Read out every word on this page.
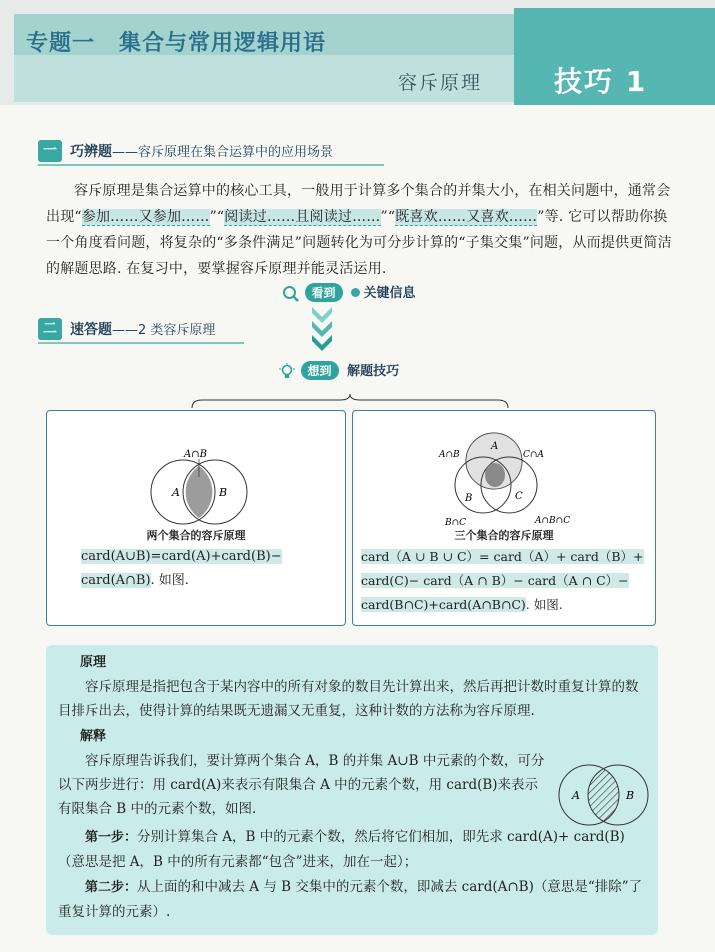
专题一 集合与常用逻辑用语
容斥原理	技巧 1
一 巧辨题——容斥原理在集合运算中的应用场景
容斥原理是集合运算中的核心工具，一般用于计算多个集合的并集大小，在相关问题中，通常会出现“参加……又参加……”“阅读过……且阅读过……”“既喜欢……又喜欢……”等. 它可以帮助你换一个角度看问题，将复杂的“多条件满足”问题转化为可分步计算的“子集交集”问题，从而提供更简洁的解题思路. 在复习中，要掌握容斥原理并能灵活运用.
看到 关键信息
二 速答题——2 类容斥原理
想到 解题技巧
A∩B
A	B
两个集合的容斥原理
card(A∪B)=card(A)+card(B)−
card(A∩B). 如图.
A
A∩B	C∩A
B	C
B∩C	A∩B∩C
三个集合的容斥原理
card（A ∪ B ∪ C）= card（A）+ card（B）+
card(C)− card（A ∩ B）− card（A ∩ C）−
card(B∩C)+card(A∩B∩C). 如图.
原理
容斥原理是指把包含于某内容中的所有对象的数目先计算出来，然后再把计数时重复计算的数目排斥出去，使得计算的结果既无遗漏又无重复，这种计数的方法称为容斥原理.
解释
容斥原理告诉我们，要计算两个集合 A，B 的并集 A∪B 中元素的个数，可分以下两步进行：用 card(A)来表示有限集合 A 中的元素个数，用 card(B)来表示有限集合 B 中的元素个数，如图.
A	B
第一步：分别计算集合 A，B 中的元素个数，然后将它们相加，即先求 card(A)+ card(B)（意思是把 A，B 中的所有元素都“包含”进来，加在一起）；
第二步：从上面的和中减去 A 与 B 交集中的元素个数，即减去 card(A∩B)（意思是“排除”了重复计算的元素）.
